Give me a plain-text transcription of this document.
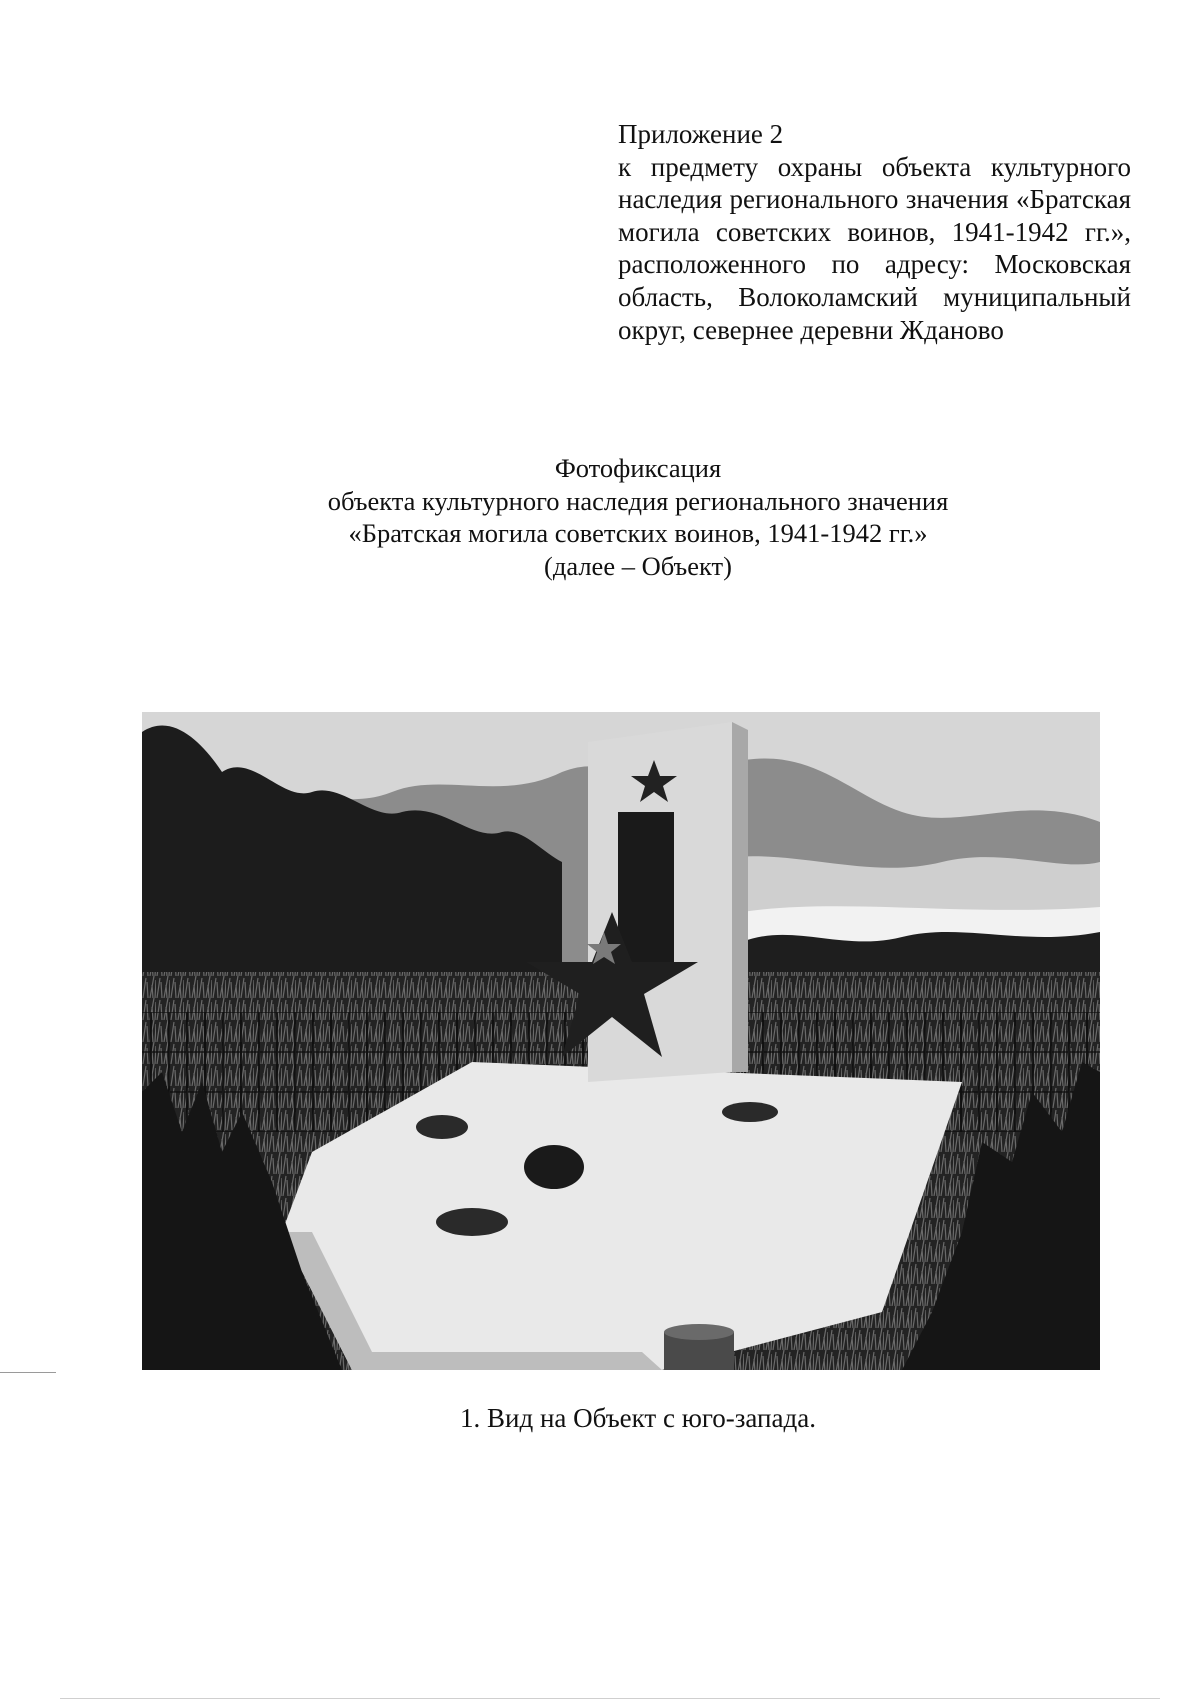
Приложение 2
к предмету охраны объекта культурного наследия регионального значения «Братская могила советских воинов, 1941-1942 гг.», расположенного по адресу: Московская область, Волоколамский муниципальный округ, севернее деревни Жданово
Фотофиксация
объекта культурного наследия регионального значения
«Братская могила советских воинов, 1941-1942 гг.»
(далее – Объект)
1. Вид на Объект с юго-запада.
